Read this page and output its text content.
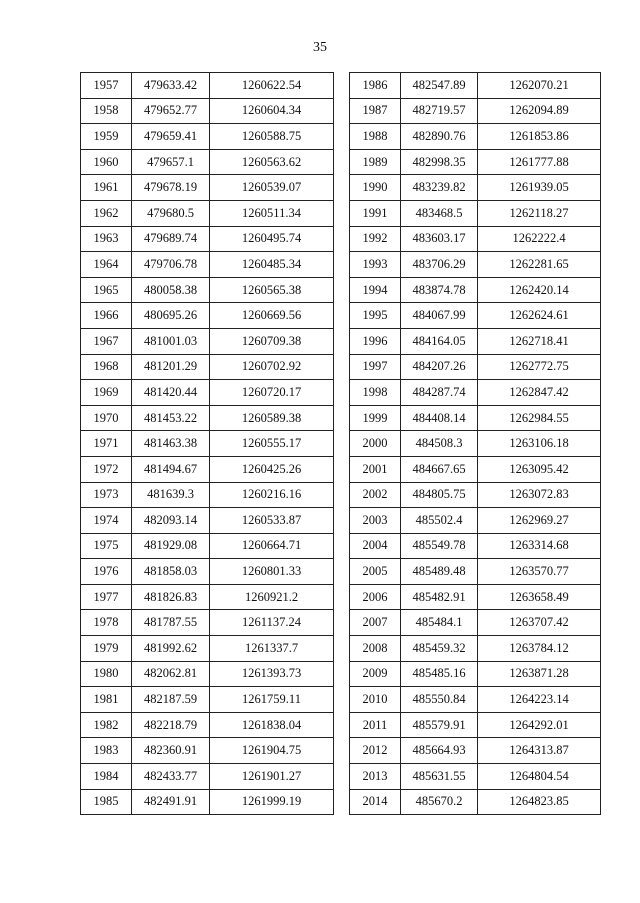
35
1957	479633.42	1260622.54
1958	479652.77	1260604.34
1959	479659.41	1260588.75
1960	479657.1	1260563.62
1961	479678.19	1260539.07
1962	479680.5	1260511.34
1963	479689.74	1260495.74
1964	479706.78	1260485.34
1965	480058.38	1260565.38
1966	480695.26	1260669.56
1967	481001.03	1260709.38
1968	481201.29	1260702.92
1969	481420.44	1260720.17
1970	481453.22	1260589.38
1971	481463.38	1260555.17
1972	481494.67	1260425.26
1973	481639.3	1260216.16
1974	482093.14	1260533.87
1975	481929.08	1260664.71
1976	481858.03	1260801.33
1977	481826.83	1260921.2
1978	481787.55	1261137.24
1979	481992.62	1261337.7
1980	482062.81	1261393.73
1981	482187.59	1261759.11
1982	482218.79	1261838.04
1983	482360.91	1261904.75
1984	482433.77	1261901.27
1985	482491.91	1261999.19
1986	482547.89	1262070.21
1987	482719.57	1262094.89
1988	482890.76	1261853.86
1989	482998.35	1261777.88
1990	483239.82	1261939.05
1991	483468.5	1262118.27
1992	483603.17	1262222.4
1993	483706.29	1262281.65
1994	483874.78	1262420.14
1995	484067.99	1262624.61
1996	484164.05	1262718.41
1997	484207.26	1262772.75
1998	484287.74	1262847.42
1999	484408.14	1262984.55
2000	484508.3	1263106.18
2001	484667.65	1263095.42
2002	484805.75	1263072.83
2003	485502.4	1262969.27
2004	485549.78	1263314.68
2005	485489.48	1263570.77
2006	485482.91	1263658.49
2007	485484.1	1263707.42
2008	485459.32	1263784.12
2009	485485.16	1263871.28
2010	485550.84	1264223.14
2011	485579.91	1264292.01
2012	485664.93	1264313.87
2013	485631.55	1264804.54
2014	485670.2	1264823.85
